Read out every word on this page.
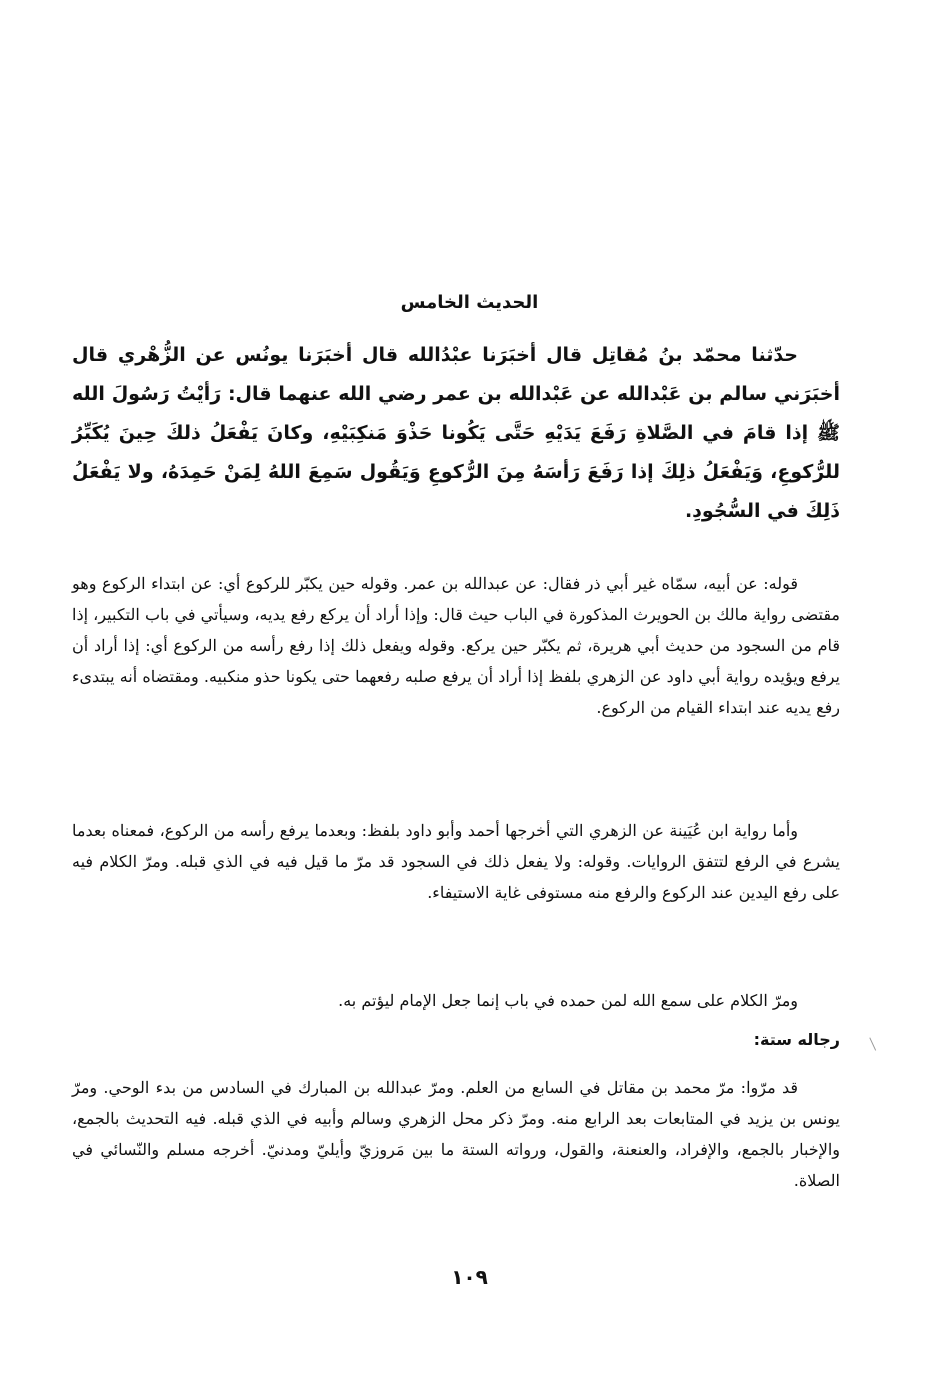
الحديث الخامس
حدّثنا محمّد بنُ مُقاتِل قال أخبَرَنا عبْدُالله قال أخبَرَنا يونُس عن الزُّهْري قال أخبَرَني سالم بن عَبْدالله عن عَبْدالله بن عمر رضي الله عنهما قال: رَأيْتُ رَسُولَ الله ﷺ إذا قامَ في الصَّلاةِ رَفَعَ يَدَيْهِ حَتَّى يَكُونا حَذْوَ مَنكِبَيْهِ، وكانَ يَفْعَلُ ذلكَ حِينَ يُكَبِّرُ للرُّكوعِ، وَيَفْعَلُ ذلِكَ إذا رَفَعَ رَأسَهُ مِنَ الرُّكوعِ وَيَقُول سَمِعَ اللهُ لِمَنْ حَمِدَهُ، ولا يَفْعَلُ ذَلِكَ في السُّجُودِ.
قوله: عن أبيه، سمّاه غير أبي ذر فقال: عن عبدالله بن عمر. وقوله حين يكبّر للركوع أي: عن ابتداء الركوع وهو مقتضى رواية مالك بن الحويرث المذكورة في الباب حيث قال: وإذا أراد أن يركع رفع يديه، وسيأتي في باب التكبير، إذا قام من السجود من حديث أبي هريرة، ثم يكبّر حين يركع. وقوله ويفعل ذلك إذا رفع رأسه من الركوع أي: إذا أراد أن يرفع ويؤيده رواية أبي داود عن الزهري بلفظ إذا أراد أن يرفع صلبه رفعهما حتى يكونا حذو منكبيه. ومقتضاه أنه يبتدىء رفع يديه عند ابتداء القيام من الركوع.
وأما رواية ابن عُيَينة عن الزهري التي أخرجها أحمد وأبو داود بلفظ: وبعدما يرفع رأسه من الركوع، فمعناه بعدما يشرع في الرفع لتتفق الروايات. وقوله: ولا يفعل ذلك في السجود قد مرّ ما قيل فيه في الذي قبله. ومرّ الكلام فيه على رفع اليدين عند الركوع والرفع منه مستوفى غاية الاستيفاء.
ومرّ الكلام على سمع الله لمن حمده في باب إنما جعل الإمام ليؤتم به.
رجاله ستة:
قد مرّوا: مرّ محمد بن مقاتل في السابع من العلم. ومرّ عبدالله بن المبارك في السادس من بدء الوحي. ومرّ يونس بن يزيد في المتابعات بعد الرابع منه. ومرّ ذكر محل الزهري وسالم وأبيه في الذي قبله. فيه التحديث بالجمع، والإخبار بالجمع، والإفراد، والعنعنة، والقول، ورواته الستة ما بين مَروزيّ وأيليّ ومدنيّ. أخرجه مسلم والنّسائي في الصلاة.
١٠٩
